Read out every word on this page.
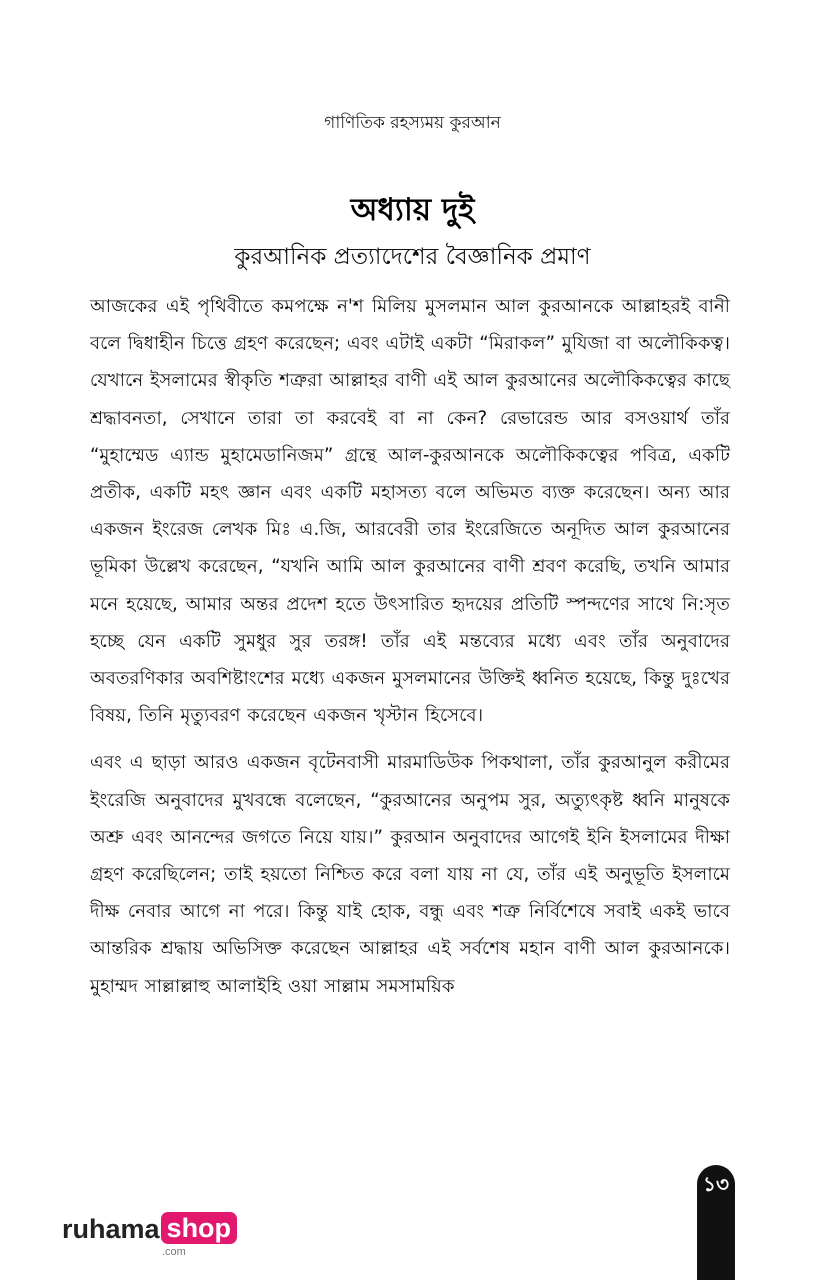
গাণিতিক রহস্যময় কুরআন
অধ্যায় দুই
কুরআনিক প্রত্যাদেশের বৈজ্ঞানিক প্রমাণ

আজকের এই পৃথিবীতে কমপক্ষে ন'শ মিলিয় মুসলমান আল কুরআনকে আল্লাহরই বানী বলে দ্বিধাহীন চিত্তে গ্রহণ করেছেন; এবং এটাই একটা “মিরাকল” মুযিজা বা অলৌকিকত্ব। যেখানে ইসলামের স্বীকৃতি শত্রুরা আল্লাহর বাণী এই আল কুরআনের অলৌকিকত্বের কাছে শ্রদ্ধাবনতা, সেখানে তারা তা করবেই বা না কেন? রেভারেন্ড আর বসওয়ার্থ তাঁর “মুহাম্মেড এ্যান্ড মুহামেডানিজম” গ্রন্থে আল-কুরআনকে অলৌকিকত্বের পবিত্র, একটি প্রতীক, একটি মহৎ জ্ঞান এবং একটি মহাসত্য বলে অভিমত ব্যক্ত করেছেন। অন্য আর একজন ইংরেজ লেখক মিঃ এ.জি, আরবেরী তার ইংরেজিতে অনূদিত আল কুরআনের ভূমিকা উল্লেখ করেছেন, “যখনি আমি আল কুরআনের বাণী শ্রবণ করেছি, তখনি আমার মনে হয়েছে, আমার অন্তর প্রদেশ হতে উৎসারিত হৃদয়ের প্রতিটি স্পন্দণের সাথে নি:সৃত হচ্ছে যেন একটি সুমধুর সুর তরঙ্গ! তাঁর এই মন্তব্যের মধ্যে এবং তাঁর অনুবাদের অবতরণিকার অবশিষ্টাংশের মধ্যে একজন মুসলমানের উক্তিই ধ্বনিত হয়েছে, কিন্তু দুঃখের বিষয়, তিনি মৃত্যুবরণ করেছেন একজন খৃস্টান হিসেবে।

এবং এ ছাড়া আরও একজন বৃটেনবাসী মারমাডিউক পিকথালা, তাঁর কুরআনুল করীমের ইংরেজি অনুবাদের মুখবন্ধে বলেছেন, “কুরআনের অনুপম সুর, অত্যুৎকৃষ্ট ধ্বনি মানুষকে অশ্রু এবং আনন্দের জগতে নিয়ে যায়।” কুরআন অনুবাদের আগেই ইনি ইসলামের দীক্ষা গ্রহণ করেছিলেন; তাই হয়তো নিশ্চিত করে বলা যায় না যে, তাঁর এই অনুভূতি ইসলামে দীক্ষ নেবার আগে না পরে। কিন্তু যাই হোক, বন্ধু এবং শত্রু নির্বিশেষে সবাই একই ভাবে আন্তরিক শ্রদ্ধায় অভিসিক্ত করেছেন আল্লাহর এই সর্বশেষ মহান বাণী আল কুরআনকে। মুহাম্মদ সাল্লাল্লাহু আলাইহি ওয়া সাল্লাম সমসাময়িক

১৩
ruhama shop
.com
